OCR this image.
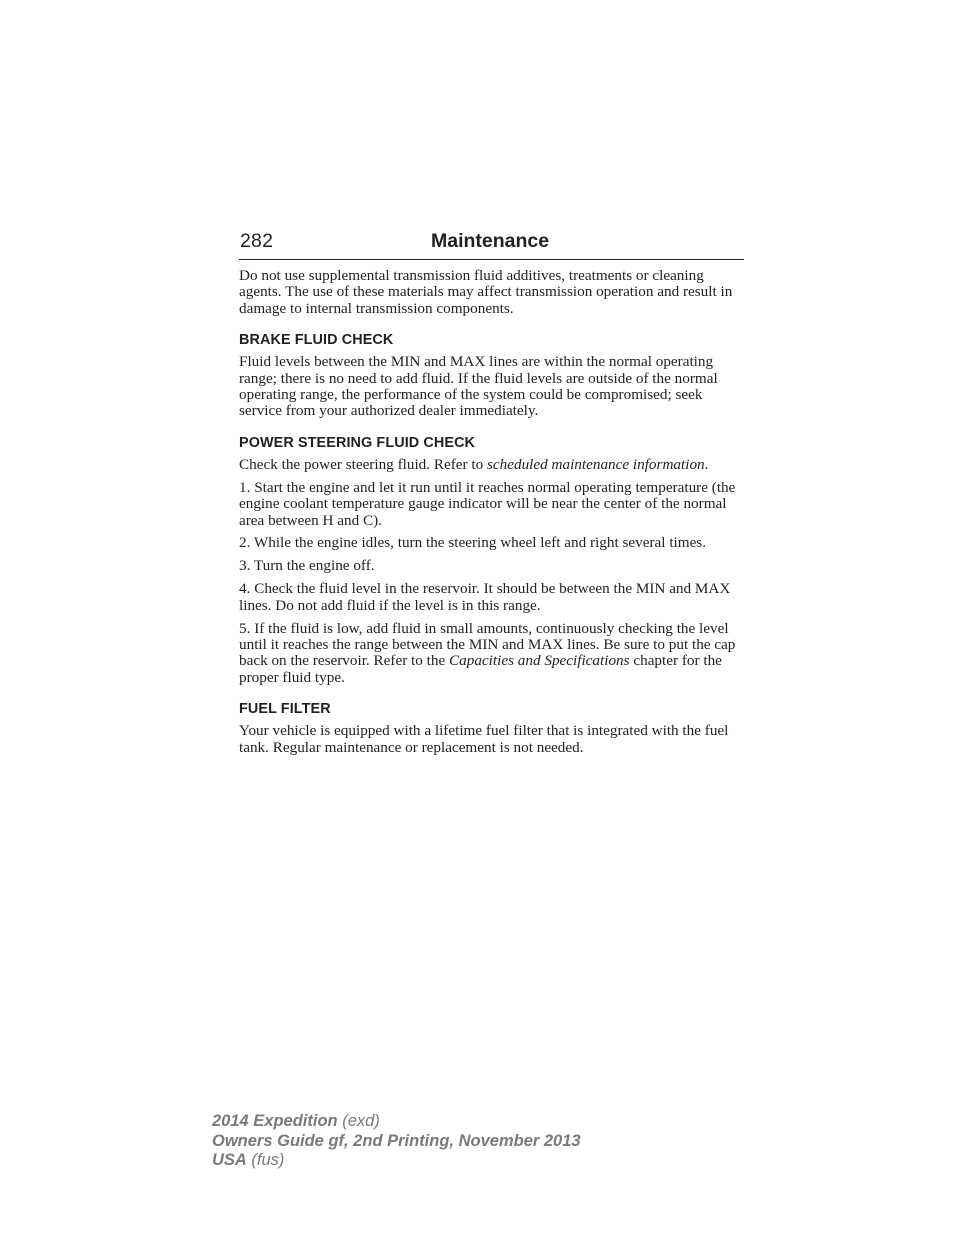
282	Maintenance

Do not use supplemental transmission fluid additives, treatments or cleaning agents. The use of these materials may affect transmission operation and result in damage to internal transmission components.

BRAKE FLUID CHECK

Fluid levels between the MIN and MAX lines are within the normal operating range; there is no need to add fluid. If the fluid levels are outside of the normal operating range, the performance of the system could be compromised; seek service from your authorized dealer immediately.

POWER STEERING FLUID CHECK

Check the power steering fluid. Refer to scheduled maintenance information.

1. Start the engine and let it run until it reaches normal operating temperature (the engine coolant temperature gauge indicator will be near the center of the normal area between H and C).

2. While the engine idles, turn the steering wheel left and right several times.

3. Turn the engine off.

4. Check the fluid level in the reservoir. It should be between the MIN and MAX lines. Do not add fluid if the level is in this range.

5. If the fluid is low, add fluid in small amounts, continuously checking the level until it reaches the range between the MIN and MAX lines. Be sure to put the cap back on the reservoir. Refer to the Capacities and Specifications chapter for the proper fluid type.

FUEL FILTER

Your vehicle is equipped with a lifetime fuel filter that is integrated with the fuel tank. Regular maintenance or replacement is not needed.

2014 Expedition (exd)
Owners Guide gf, 2nd Printing, November 2013
USA (fus)
